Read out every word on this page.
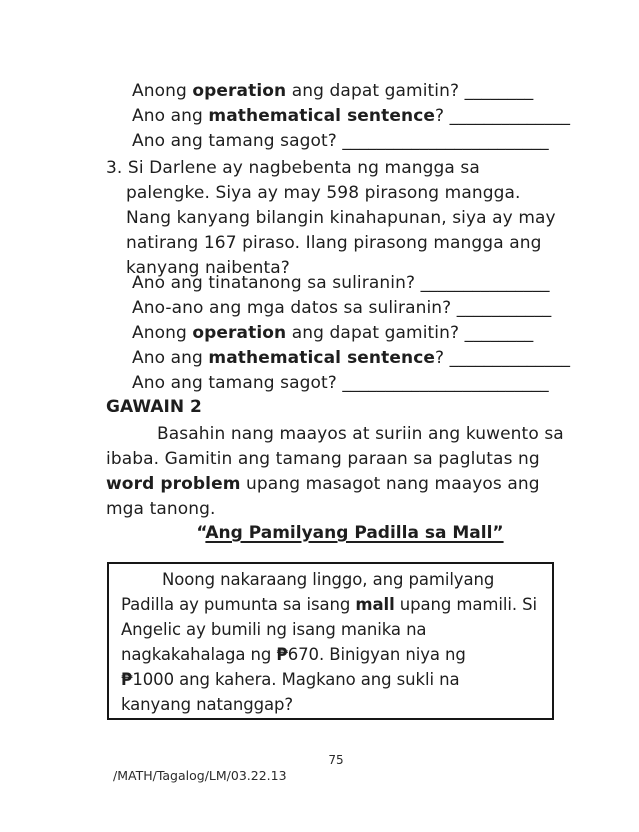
Anong operation ang dapat gamitin? ________
Ano ang mathematical sentence? ______________
Ano ang tamang sagot? ________________________
3. Si Darlene ay nagbebenta ng mangga sa
palengke. Siya ay may 598 pirasong mangga.
Nang kanyang bilangin kinahapunan, siya ay may
natirang 167 piraso. Ilang pirasong mangga ang
kanyang naibenta?
Ano ang tinatanong sa suliranin? _______________
Ano-ano ang mga datos sa suliranin? ___________
Anong operation ang dapat gamitin? ________
Ano ang mathematical sentence? ______________
Ano ang tamang sagot? ________________________
GAWAIN 2
Basahin nang maayos at suriin ang kuwento sa
ibaba. Gamitin ang tamang paraan sa paglutas ng
word problem upang masagot nang maayos ang
mga tanong.
“Ang Pamilyang Padilla sa Mall”
Noong nakaraang linggo, ang pamilyang
Padilla ay pumunta sa isang mall upang mamili. Si
Angelic ay bumili ng isang manika na
nagkakahalaga ng ₱670. Binigyan niya ng
₱1000 ang kahera. Magkano ang sukli na
kanyang natanggap?
75
/MATH/Tagalog/LM/03.22.13
